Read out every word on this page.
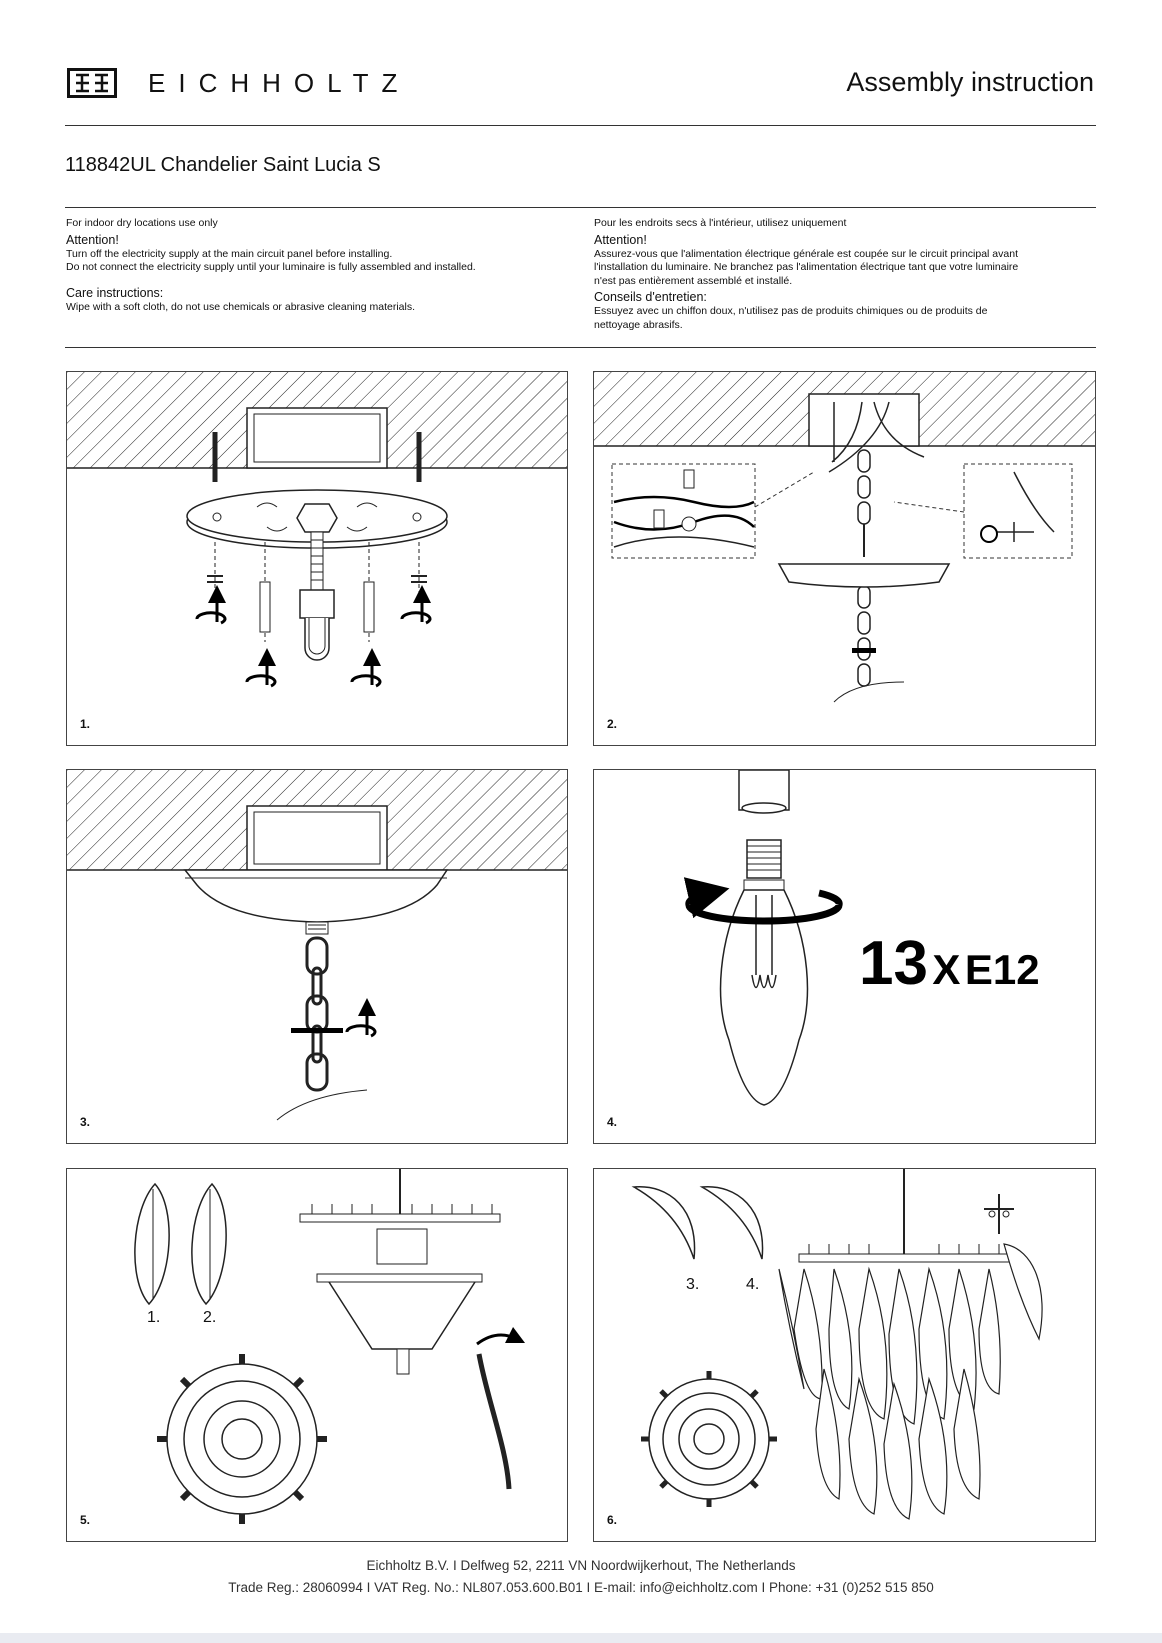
EICHHOLTZ	Assembly instruction
118842UL Chandelier Saint Lucia S
For indoor dry locations use only
Attention!
Turn off the electricity supply at the main circuit panel before installing.
Do not connect the electricity supply until your luminaire is fully assembled and installed.
Care instructions:
Wipe with a soft cloth, do not use chemicals or abrasive cleaning materials.
Pour les endroits secs à l'intérieur, utilisez uniquement
Attention!
Assurez-vous que l'alimentation électrique générale est coupée sur le circuit principal avant
l'installation du luminaire. Ne branchez pas l'alimentation électrique tant que votre luminaire
n'est pas entièrement assemblé et installé.
Conseils d'entretien:
Essuyez avec un chiffon doux, n'utilisez pas de produits chimiques ou de produits de
nettoyage abrasifs.
1.	2.
3.
13 X E12
4.
1.	2.
5.
3.	4.
6.
Eichholtz B.V. I Delfweg 52, 2211 VN Noordwijkerhout, The Netherlands
Trade Reg.: 28060994 I VAT Reg. No.: NL807.053.600.B01 I E-mail: info@eichholtz.com I Phone: +31 (0)252 515 850
